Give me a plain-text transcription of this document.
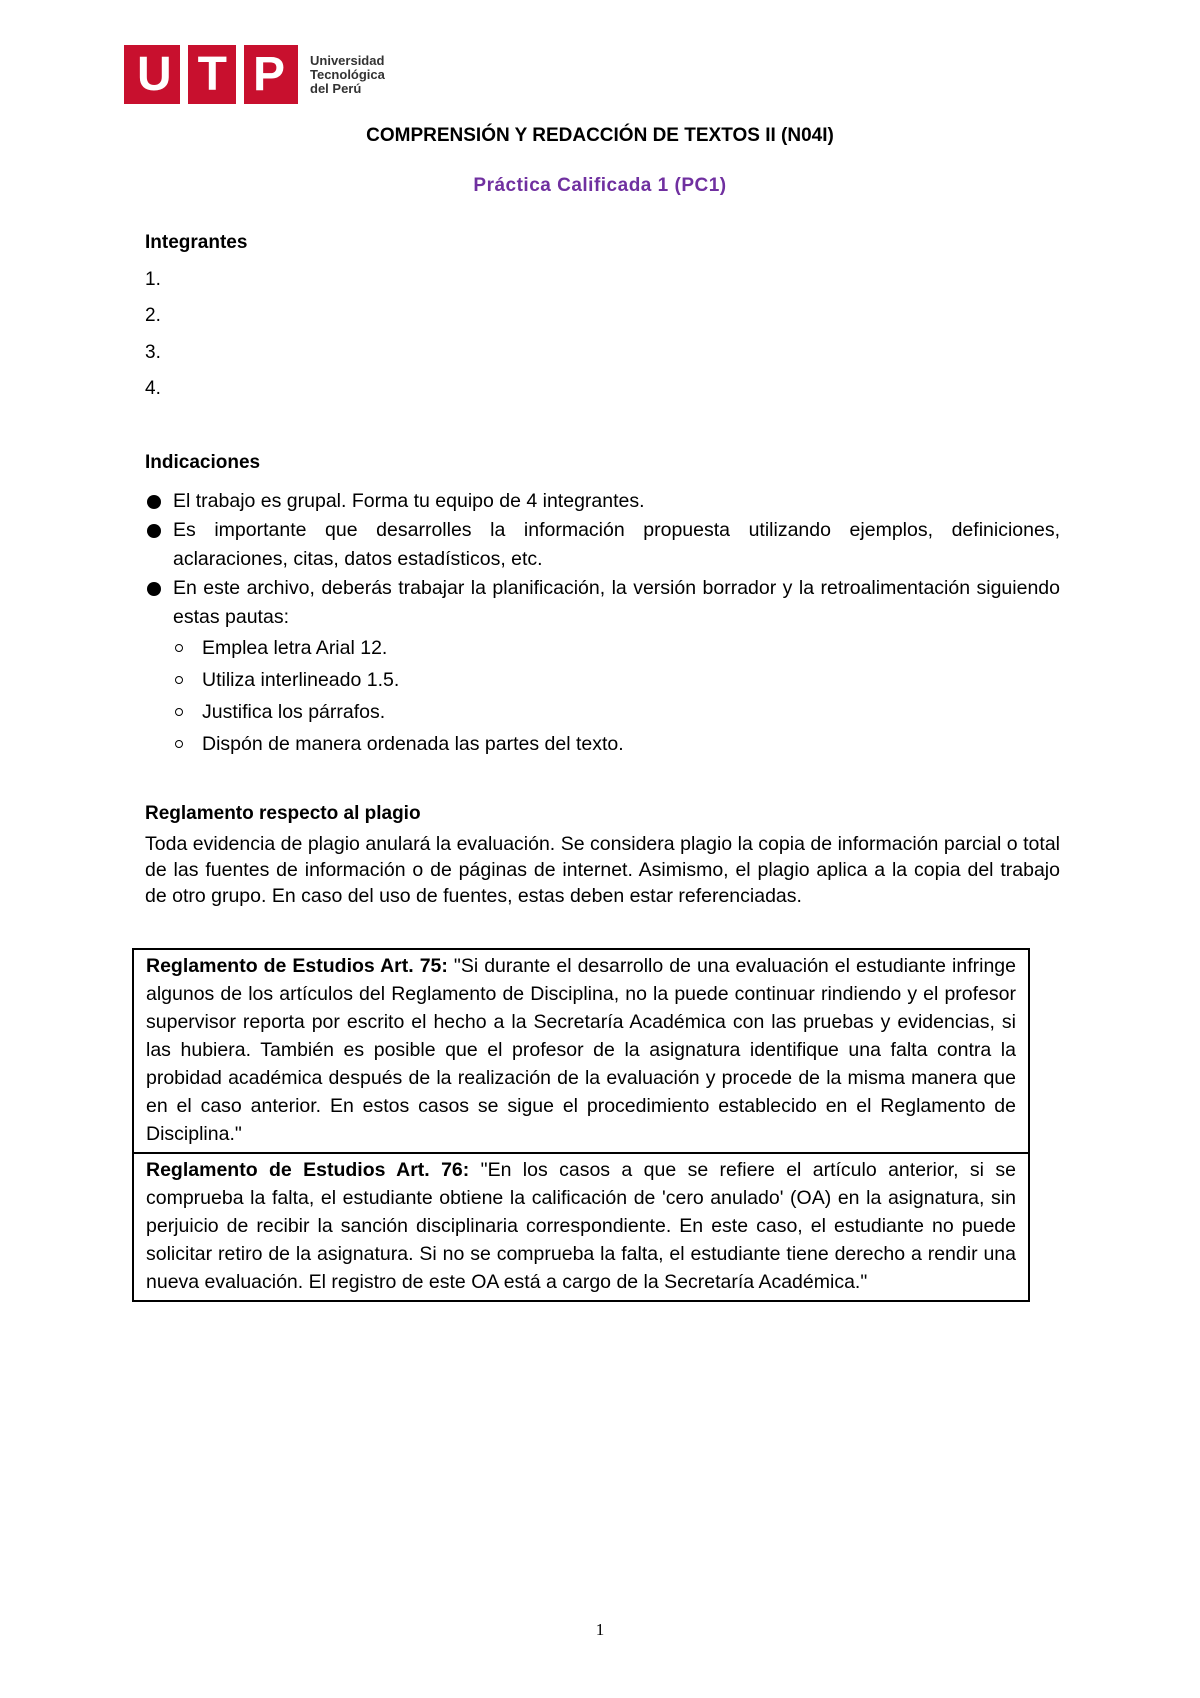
U T P Universidad
Tecnológica
del Perú
COMPRENSIÓN Y REDACCIÓN DE TEXTOS II (N04I)
Práctica Calificada 1 (PC1)
Integrantes
1.
2.
3.
4.
Indicaciones
El trabajo es grupal. Forma tu equipo de 4 integrantes.
Es importante que desarrolles la información propuesta utilizando ejemplos, definiciones, aclaraciones, citas, datos estadísticos, etc.
En este archivo, deberás trabajar la planificación, la versión borrador y la retroalimentación siguiendo estas pautas:
Emplea letra Arial 12.
Utiliza interlineado 1.5.
Justifica los párrafos.
Dispón de manera ordenada las partes del texto.
Reglamento respecto al plagio
Toda evidencia de plagio anulará la evaluación. Se considera plagio la copia de información parcial o total de las fuentes de información o de páginas de internet. Asimismo, el plagio aplica a la copia del trabajo de otro grupo. En caso del uso de fuentes, estas deben estar referenciadas.
Reglamento de Estudios Art. 75: "Si durante el desarrollo de una evaluación el estudiante infringe algunos de los artículos del Reglamento de Disciplina, no la puede continuar rindiendo y el profesor supervisor reporta por escrito el hecho a la Secretaría Académica con las pruebas y evidencias, si las hubiera. También es posible que el profesor de la asignatura identifique una falta contra la probidad académica después de la realización de la evaluación y procede de la misma manera que en el caso anterior. En estos casos se sigue el procedimiento establecido en el Reglamento de Disciplina."
Reglamento de Estudios Art. 76: "En los casos a que se refiere el artículo anterior, si se comprueba la falta, el estudiante obtiene la calificación de 'cero anulado' (OA) en la asignatura, sin perjuicio de recibir la sanción disciplinaria correspondiente. En este caso, el estudiante no puede solicitar retiro de la asignatura. Si no se comprueba la falta, el estudiante tiene derecho a rendir una nueva evaluación. El registro de este OA está a cargo de la Secretaría Académica."
1
